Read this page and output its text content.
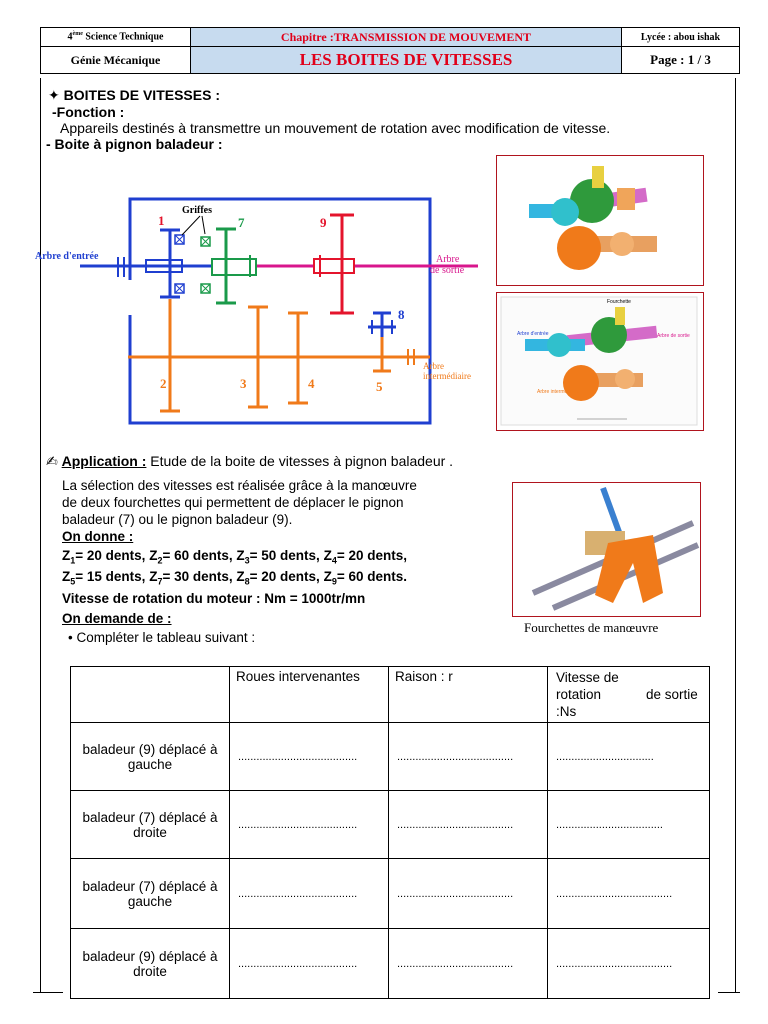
4ème Science Technique	Chapitre :TRANSMISSION DE MOUVEMENT	Lycée : abou ishak
Génie Mécanique	LES BOITES DE VITESSES	Page : 1 / 3
✦ BOITES DE VITESSES :
-Fonction :
Appareils destinés à transmettre un mouvement de rotation avec modification de vitesse.
- Boite à pignon baladeur :
1
Griffes
7	9
Arbre d'entrée	Arbre
de sortie
Arbre
intermédiaire
2	3	4	5
8
Fourchette
Arbre d'entrée	Arbre de sortie
Arbre intermédiaire
✍ Application : Etude de la boite de vitesses à pignon baladeur .
La sélection des vitesses est réalisée grâce à la manœuvre
de deux fourchettes qui permettent de déplacer le pignon
baladeur (7) ou le pignon baladeur (9).
On donne :
$Z_1= 20$ dents, $Z_2= 60$ dents, $Z_3= 50$ dents, $Z_4= 20$ dents,
$Z_5= 15$ dents, $Z_7= 30$ dents, $Z_8= 20$ dents, $Z_9= 60$ dents.
Vitesse de rotation du moteur : Nm = 1000tr/mn
On demande de :
• Compléter le tableau suivant :
Fourchettes de manœuvre
	Roues intervenantes	Raison : r	Vitesse de rotation            de sortie :Ns
baladeur (9) déplacé à gauche	.......................................	......................................	................................
baladeur (7) déplacé à droite	.......................................	......................................	...................................
baladeur (7) déplacé à gauche	.......................................	......................................	......................................
baladeur (9) déplacé à droite	.......................................	......................................	......................................
